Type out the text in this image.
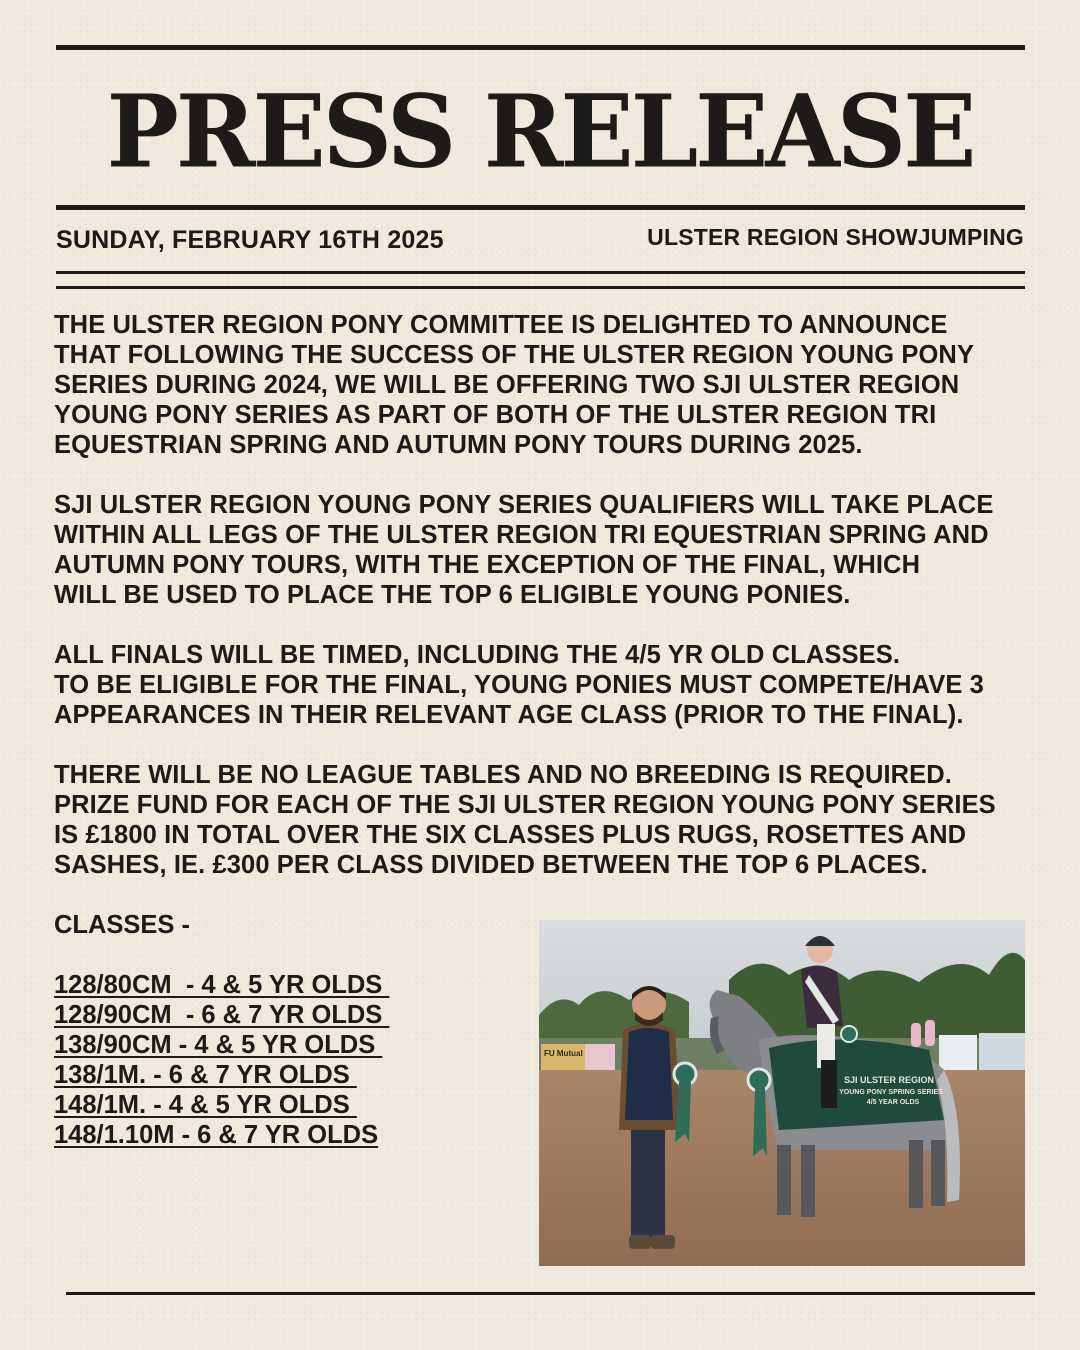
PRESS RELEASE
SUNDAY, FEBRUARY 16TH 2025	ULSTER REGION SHOWJUMPING

THE ULSTER REGION PONY COMMITTEE IS DELIGHTED TO ANNOUNCE
THAT FOLLOWING THE SUCCESS OF THE ULSTER REGION YOUNG PONY
SERIES DURING 2024, WE WILL BE OFFERING TWO SJI ULSTER REGION
YOUNG PONY SERIES AS PART OF BOTH OF THE ULSTER REGION TRI
EQUESTRIAN SPRING AND AUTUMN PONY TOURS DURING 2025.

SJI ULSTER REGION YOUNG PONY SERIES QUALIFIERS WILL TAKE PLACE
WITHIN ALL LEGS OF THE ULSTER REGION TRI EQUESTRIAN SPRING AND
AUTUMN PONY TOURS, WITH THE EXCEPTION OF THE FINAL, WHICH
WILL BE USED TO PLACE THE TOP 6 ELIGIBLE YOUNG PONIES.

ALL FINALS WILL BE TIMED, INCLUDING THE 4/5 YR OLD CLASSES.
TO BE ELIGIBLE FOR THE FINAL, YOUNG PONIES MUST COMPETE/HAVE 3
APPEARANCES IN THEIR RELEVANT AGE CLASS (PRIOR TO THE FINAL).

THERE WILL BE NO LEAGUE TABLES AND NO BREEDING IS REQUIRED.
PRIZE FUND FOR EACH OF THE SJI ULSTER REGION YOUNG PONY SERIES
IS £1800 IN TOTAL OVER THE SIX CLASSES PLUS RUGS, ROSETTES AND
SASHES, IE. £300 PER CLASS DIVIDED BETWEEN THE TOP 6 PLACES.

CLASSES -
128/80CM  - 4 & 5 YR OLDS
128/90CM  - 6 & 7 YR OLDS
138/90CM - 4 & 5 YR OLDS
138/1M. - 6 & 7 YR OLDS
148/1M. - 4 & 5 YR OLDS
148/1.10M - 6 & 7 YR OLDS
FU Mutual
SJI ULSTER REGION
YOUNG PONY SPRING SERIES
4/5 YEAR OLDS
